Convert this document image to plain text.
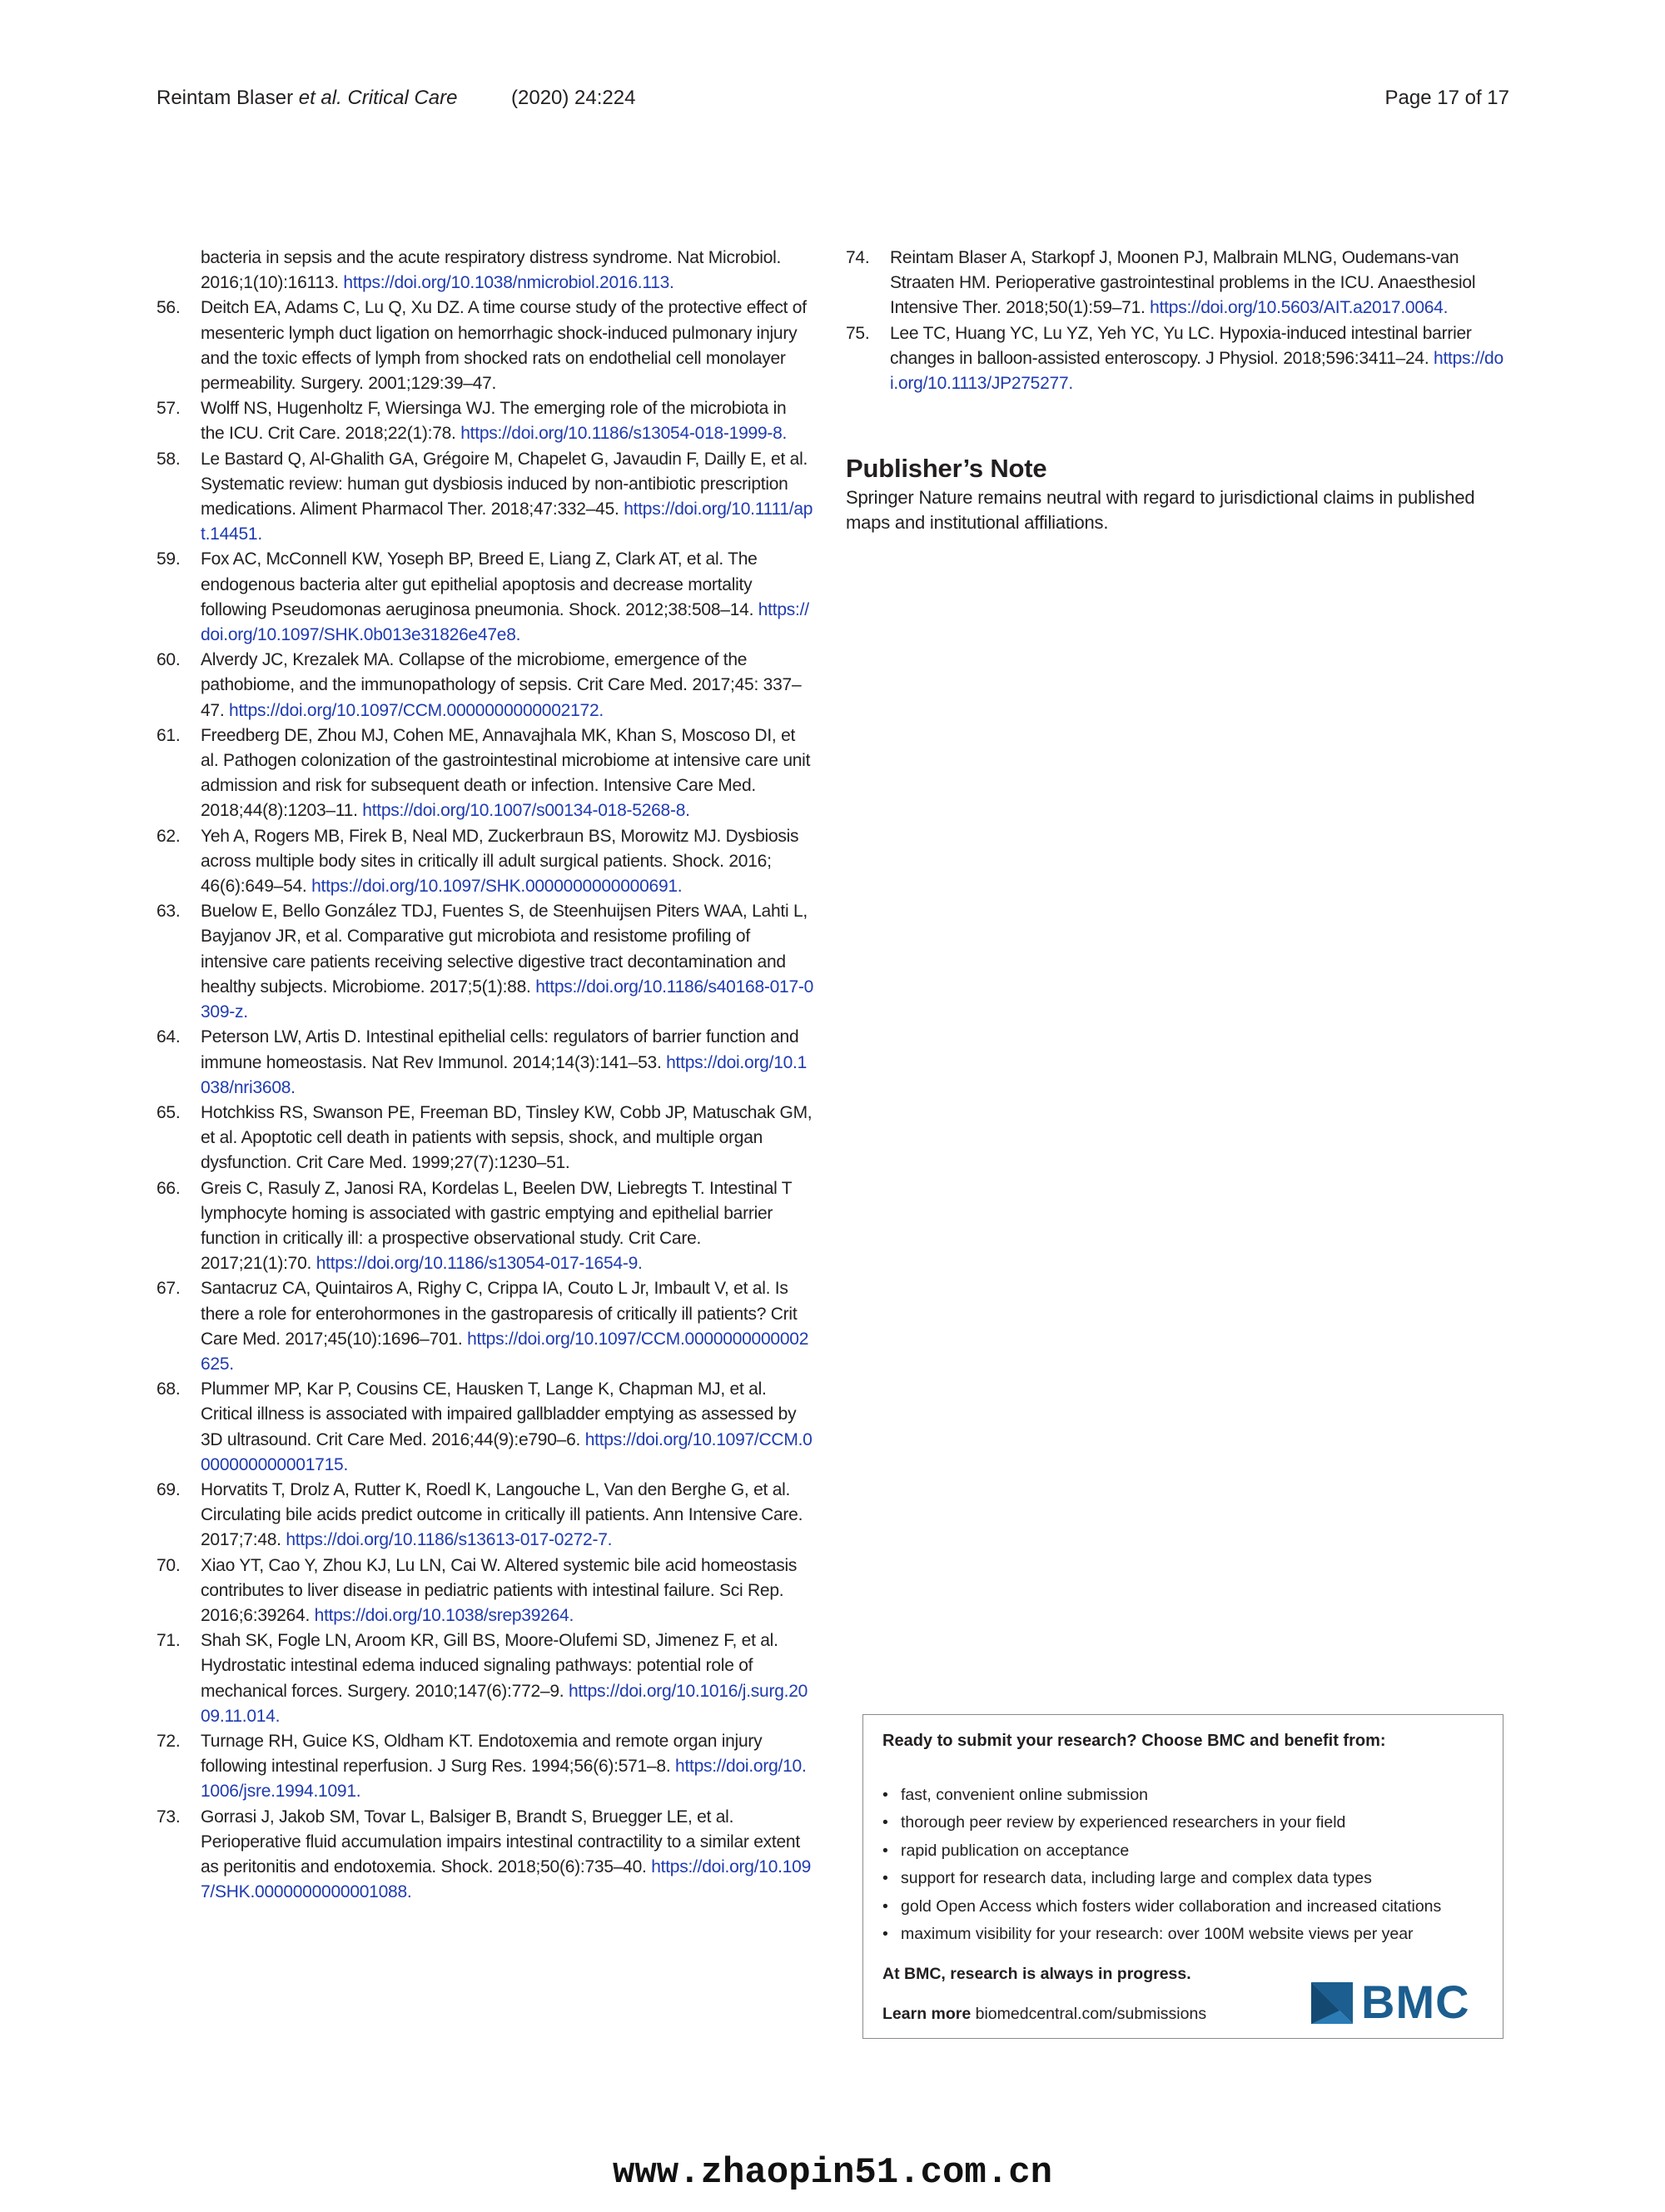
Reintam Blaser et al. Critical Care	(2020) 24:224	Page 17 of 17

bacteria in sepsis and the acute respiratory distress syndrome. Nat Microbiol. 2016;1(10):16113. https://doi.org/10.1038/nmicrobiol.2016.113.

56. Deitch EA, Adams C, Lu Q, Xu DZ. A time course study of the protective effect of mesenteric lymph duct ligation on hemorrhagic shock-induced pulmonary injury and the toxic effects of lymph from shocked rats on endothelial cell monolayer permeability. Surgery. 2001;129:39–47.

57. Wolff NS, Hugenholtz F, Wiersinga WJ. The emerging role of the microbiota in the ICU. Crit Care. 2018;22(1):78. https://doi.org/10.1186/s13054-018-1999-8.

58. Le Bastard Q, Al-Ghalith GA, Grégoire M, Chapelet G, Javaudin F, Dailly E, et al. Systematic review: human gut dysbiosis induced by non-antibiotic prescription medications. Aliment Pharmacol Ther. 2018;47:332–45. https://doi.org/10.1111/apt.14451.

59. Fox AC, McConnell KW, Yoseph BP, Breed E, Liang Z, Clark AT, et al. The endogenous bacteria alter gut epithelial apoptosis and decrease mortality following Pseudomonas aeruginosa pneumonia. Shock. 2012;38:508–14. https://doi.org/10.1097/SHK.0b013e31826e47e8.

60. Alverdy JC, Krezalek MA. Collapse of the microbiome, emergence of the pathobiome, and the immunopathology of sepsis. Crit Care Med. 2017;45: 337–47. https://doi.org/10.1097/CCM.0000000000002172.

61. Freedberg DE, Zhou MJ, Cohen ME, Annavajhala MK, Khan S, Moscoso DI, et al. Pathogen colonization of the gastrointestinal microbiome at intensive care unit admission and risk for subsequent death or infection. Intensive Care Med. 2018;44(8):1203–11. https://doi.org/10.1007/s00134-018-5268-8.

62. Yeh A, Rogers MB, Firek B, Neal MD, Zuckerbraun BS, Morowitz MJ. Dysbiosis across multiple body sites in critically ill adult surgical patients. Shock. 2016; 46(6):649–54. https://doi.org/10.1097/SHK.0000000000000691.

63. Buelow E, Bello González TDJ, Fuentes S, de Steenhuijsen Piters WAA, Lahti L, Bayjanov JR, et al. Comparative gut microbiota and resistome profiling of intensive care patients receiving selective digestive tract decontamination and healthy subjects. Microbiome. 2017;5(1):88. https://doi.org/10.1186/s40168-017-0309-z.

64. Peterson LW, Artis D. Intestinal epithelial cells: regulators of barrier function and immune homeostasis. Nat Rev Immunol. 2014;14(3):141–53. https://doi.org/10.1038/nri3608.

65. Hotchkiss RS, Swanson PE, Freeman BD, Tinsley KW, Cobb JP, Matuschak GM, et al. Apoptotic cell death in patients with sepsis, shock, and multiple organ dysfunction. Crit Care Med. 1999;27(7):1230–51.

66. Greis C, Rasuly Z, Janosi RA, Kordelas L, Beelen DW, Liebregts T. Intestinal T lymphocyte homing is associated with gastric emptying and epithelial barrier function in critically ill: a prospective observational study. Crit Care. 2017;21(1):70. https://doi.org/10.1186/s13054-017-1654-9.

67. Santacruz CA, Quintairos A, Righy C, Crippa IA, Couto L Jr, Imbault V, et al. Is there a role for enterohormones in the gastroparesis of critically ill patients? Crit Care Med. 2017;45(10):1696–701. https://doi.org/10.1097/CCM.0000000000002625.

68. Plummer MP, Kar P, Cousins CE, Hausken T, Lange K, Chapman MJ, et al. Critical illness is associated with impaired gallbladder emptying as assessed by 3D ultrasound. Crit Care Med. 2016;44(9):e790–6. https://doi.org/10.1097/CCM.0000000000001715.

69. Horvatits T, Drolz A, Rutter K, Roedl K, Langouche L, Van den Berghe G, et al. Circulating bile acids predict outcome in critically ill patients. Ann Intensive Care. 2017;7:48. https://doi.org/10.1186/s13613-017-0272-7.

70. Xiao YT, Cao Y, Zhou KJ, Lu LN, Cai W. Altered systemic bile acid homeostasis contributes to liver disease in pediatric patients with intestinal failure. Sci Rep. 2016;6:39264. https://doi.org/10.1038/srep39264.

71. Shah SK, Fogle LN, Aroom KR, Gill BS, Moore-Olufemi SD, Jimenez F, et al. Hydrostatic intestinal edema induced signaling pathways: potential role of mechanical forces. Surgery. 2010;147(6):772–9. https://doi.org/10.1016/j.surg.2009.11.014.

72. Turnage RH, Guice KS, Oldham KT. Endotoxemia and remote organ injury following intestinal reperfusion. J Surg Res. 1994;56(6):571–8. https://doi.org/10.1006/jsre.1994.1091.

73. Gorrasi J, Jakob SM, Tovar L, Balsiger B, Brandt S, Bruegger LE, et al. Perioperative fluid accumulation impairs intestinal contractility to a similar extent as peritonitis and endotoxemia. Shock. 2018;50(6):735–40. https://doi.org/10.1097/SHK.0000000000001088.

74. Reintam Blaser A, Starkopf J, Moonen PJ, Malbrain MLNG, Oudemans-van Straaten HM. Perioperative gastrointestinal problems in the ICU. Anaesthesiol Intensive Ther. 2018;50(1):59–71. https://doi.org/10.5603/AIT.a2017.0064.

75. Lee TC, Huang YC, Lu YZ, Yeh YC, Yu LC. Hypoxia-induced intestinal barrier changes in balloon-assisted enteroscopy. J Physiol. 2018;596:3411–24. https://doi.org/10.1113/JP275277.

Publisher’s Note

Springer Nature remains neutral with regard to jurisdictional claims in published maps and institutional affiliations.

Ready to submit your research? Choose BMC and benefit from:
• fast, convenient online submission
• thorough peer review by experienced researchers in your field
• rapid publication on acceptance
• support for research data, including large and complex data types
• gold Open Access which fosters wider collaboration and increased citations
• maximum visibility for your research: over 100M website views per year
At BMC, research is always in progress.
Learn more biomedcentral.com/submissions	BMC
www.zhaopin51.com.cn
